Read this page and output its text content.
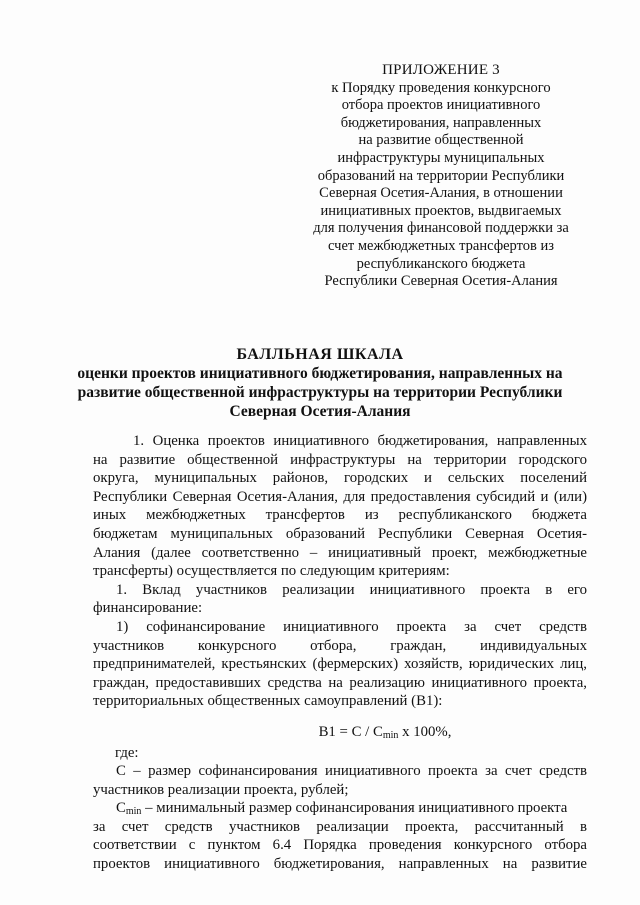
ПРИЛОЖЕНИЕ 3
к Порядку проведения конкурсного
отбора проектов инициативного
бюджетирования, направленных
на развитие общественной
инфраструктуры муниципальных
образований на территории Республики
Северная Осетия-Алания, в отношении
инициативных проектов, выдвигаемых
для получения финансовой поддержки за
счет межбюджетных трансфертов из
республиканского бюджета
Республики Северная Осетия-Алания
БАЛЛЬНАЯ ШКАЛА
оценки проектов инициативного бюджетирования, направленных на
развитие общественной инфраструктуры на территории Республики
Северная Осетия-Алания
1. Оценка проектов инициативного бюджетирования, направленных
на развитие общественной инфраструктуры на территории городского
округа, муниципальных районов, городских и сельских поселений
Республики Северная Осетия-Алания, для предоставления субсидий и (или)
иных межбюджетных трансфертов из республиканского бюджета
бюджетам муниципальных образований Республики Северная Осетия-
Алания (далее соответственно – инициативный проект, межбюджетные
трансферты) осуществляется по следующим критериям:
1. Вклад участников реализации инициативного проекта в его
финансирование:
1) софинансирование инициативного проекта за счет средств
участников конкурсного отбора, граждан, индивидуальных
предпринимателей, крестьянских (фермерских) хозяйств, юридических лиц,
граждан, предоставивших средства на реализацию инициативного проекта,
территориальных общественных самоуправлений (В1):
$В1 = С / С_{min}$ x 100%,
где:
С – размер софинансирования инициативного проекта за счет средств
участников реализации проекта, рублей;
$С_{min}$ – минимальный размер софинансирования инициативного проекта
за счет средств участников реализации проекта, рассчитанный в
соответствии с пунктом 6.4 Порядка проведения конкурсного отбора
проектов инициативного бюджетирования, направленных на развитие
